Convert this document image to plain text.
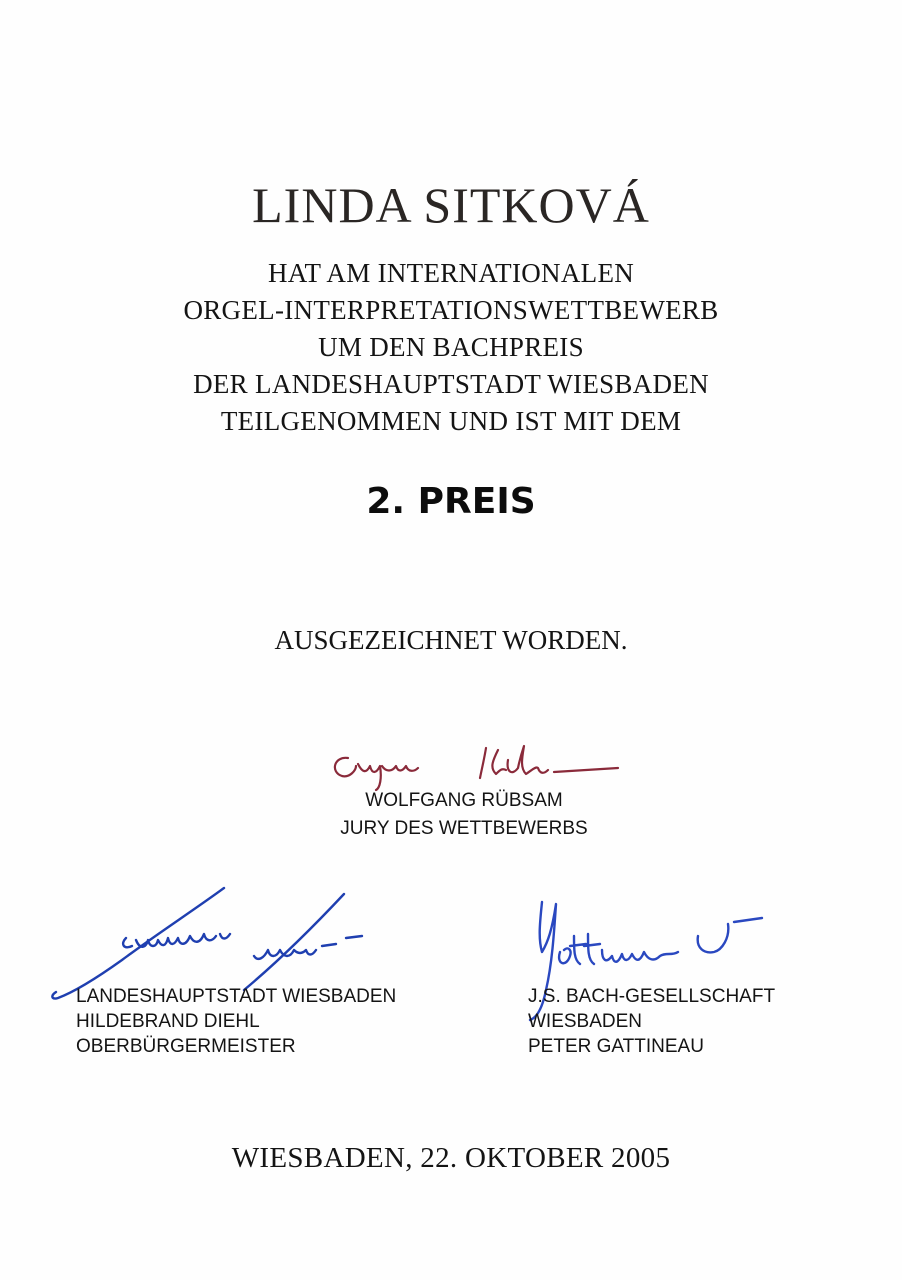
LINDA SITKOVÁ
HAT AM INTERNATIONALEN
ORGEL-INTERPRETATIONSWETTBEWERB
UM DEN BACHPREIS
DER LANDESHAUPTSTADT WIESBADEN
TEILGENOMMEN UND IST MIT DEM
2. PREIS
AUSGEZEICHNET WORDEN.
WOLFGANG RÜBSAM
JURY DES WETTBEWERBS
LANDESHAUPTSTADT WIESBADEN
HILDEBRAND DIEHL
OBERBÜRGERMEISTER
J.S. BACH-GESELLSCHAFT
WIESBADEN
PETER GATTINEAU
WIESBADEN, 22. OKTOBER 2005
